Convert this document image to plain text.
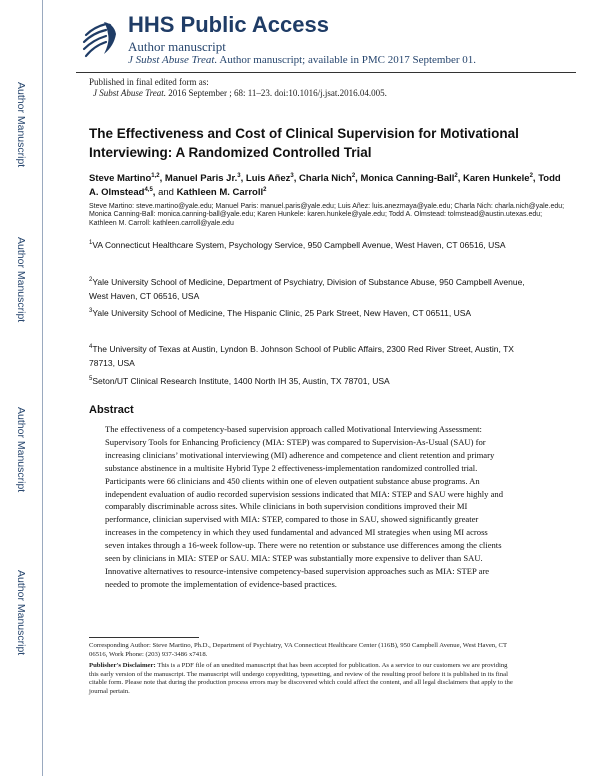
Author Manuscript
Author Manuscript
Author Manuscript
Author Manuscript
HHS Public Access
Author manuscript
J Subst Abuse Treat. Author manuscript; available in PMC 2017 September 01.
Published in final edited form as:
J Subst Abuse Treat. 2016 September ; 68: 11–23. doi:10.1016/j.jsat.2016.04.005.
The Effectiveness and Cost of Clinical Supervision for Motivational Interviewing: A Randomized Controlled Trial
Steve Martino$^{1,2}$, Manuel Paris Jr.$^3$, Luis Añez$^3$, Charla Nich$^2$, Monica Canning-Ball$^2$, Karen Hunkele$^2$, Todd A. Olmstead$^{4,5}$, and Kathleen M. Carroll$^2$
Steve Martino: steve.martino@yale.edu; Manuel Paris: manuel.paris@yale.edu; Luis Añez: luis.anezmaya@yale.edu; Charla Nich: charla.nich@yale.edu; Monica Canning-Ball: monica.canning-ball@yale.edu; Karen Hunkele: karen.hunkele@yale.edu; Todd A. Olmstead: tolmstead@austin.utexas.edu; Kathleen M. Carroll: kathleen.carroll@yale.edu
$^1$VA Connecticut Healthcare System, Psychology Service, 950 Campbell Avenue, West Haven, CT 06516, USA
$^2$Yale University School of Medicine, Department of Psychiatry, Division of Substance Abuse, 950 Campbell Avenue, West Haven, CT 06516, USA
$^3$Yale University School of Medicine, The Hispanic Clinic, 25 Park Street, New Haven, CT 06511, USA
$^4$The University of Texas at Austin, Lyndon B. Johnson School of Public Affairs, 2300 Red River Street, Austin, TX 78713, USA
$^5$Seton/UT Clinical Research Institute, 1400 North IH 35, Austin, TX 78701, USA
Abstract
The effectiveness of a competency-based supervision approach called Motivational Interviewing Assessment: Supervisory Tools for Enhancing Proficiency (MIA: STEP) was compared to Supervision-As-Usual (SAU) for increasing clinicians’ motivational interviewing (MI) adherence and competence and client retention and primary substance abstinence in a multisite Hybrid Type 2 effectiveness-implementation randomized controlled trial. Participants were 66 clinicians and 450 clients within one of eleven outpatient substance abuse programs. An independent evaluation of audio recorded supervision sessions indicated that MIA: STEP and SAU were highly and comparably discriminable across sites. While clinicians in both supervision conditions improved their MI performance, clinician supervised with MIA: STEP, compared to those in SAU, showed significantly greater increases in the competency in which they used fundamental and advanced MI strategies when using MI across seven intakes through a 16-week follow-up. There were no retention or substance use differences among the clients seen by clinicians in MIA: STEP or SAU. MIA: STEP was substantially more expensive to deliver than SAU. Innovative alternatives to resource-intensive competency-based supervision approaches such as MIA: STEP are needed to promote the implementation of evidence-based practices.
Corresponding Author: Steve Martino, Ph.D., Department of Psychiatry, VA Connecticut Healthcare Center (116B), 950 Campbell Avenue, West Haven, CT 06516, Work Phone: (203) 937-3486 x7418.
Publisher's Disclaimer: This is a PDF file of an unedited manuscript that has been accepted for publication. As a service to our customers we are providing this early version of the manuscript. The manuscript will undergo copyediting, typesetting, and review of the resulting proof before it is published in its final citable form. Please note that during the production process errors may be discovered which could affect the content, and all legal disclaimers that apply to the journal pertain.
